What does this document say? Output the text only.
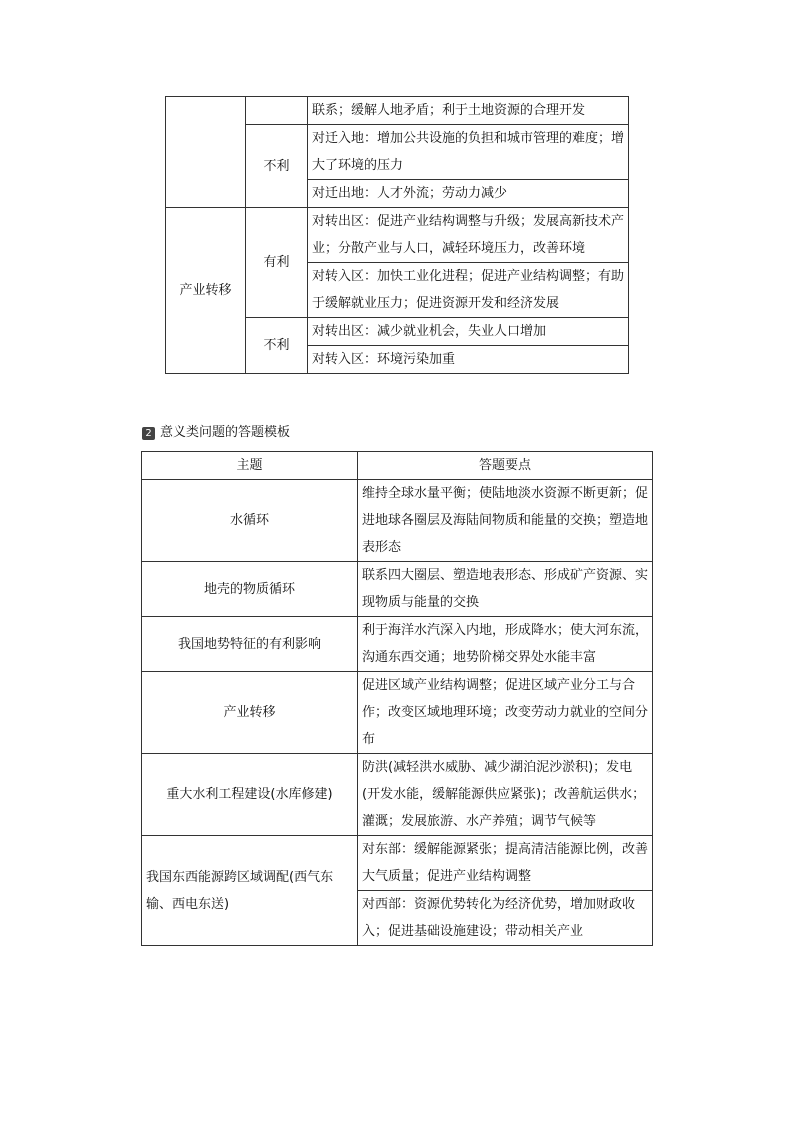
		联系；缓解人地矛盾；利于土地资源的合理开发
	不利	对迁入地：增加公共设施的负担和城市管理的难度；增大了环境的压力
		对迁出地：人才外流；劳动力减少
产业转移	有利	对转出区：促进产业结构调整与升级；发展高新技术产业；分散产业与人口，减轻环境压力，改善环境
		对转入区：加快工业化进程；促进产业结构调整；有助于缓解就业压力；促进资源开发和经济发展
	不利	对转出区：减少就业机会，失业人口增加
		对转入区：环境污染加重
2 意义类问题的答题模板
主题	答题要点
水循环	维持全球水量平衡；使陆地淡水资源不断更新；促进地球各圈层及海陆间物质和能量的交换；塑造地表形态
地壳的物质循环	联系四大圈层、塑造地表形态、形成矿产资源、实现物质与能量的交换
我国地势特征的有利影响	利于海洋水汽深入内地，形成降水；使大河东流，沟通东西交通；地势阶梯交界处水能丰富
产业转移	促进区域产业结构调整；促进区域产业分工与合作；改变区域地理环境；改变劳动力就业的空间分布
重大水利工程建设(水库修建)	防洪(减轻洪水威胁、减少湖泊泥沙淤积)；发电(开发水能，缓解能源供应紧张)；改善航运供水；灌溉；发展旅游、水产养殖；调节气候等
我国东西能源跨区域调配(西气东输、西电东送)	对东部：缓解能源紧张；提高清洁能源比例，改善大气质量；促进产业结构调整
	对西部：资源优势转化为经济优势，增加财政收入；促进基础设施建设；带动相关产业
